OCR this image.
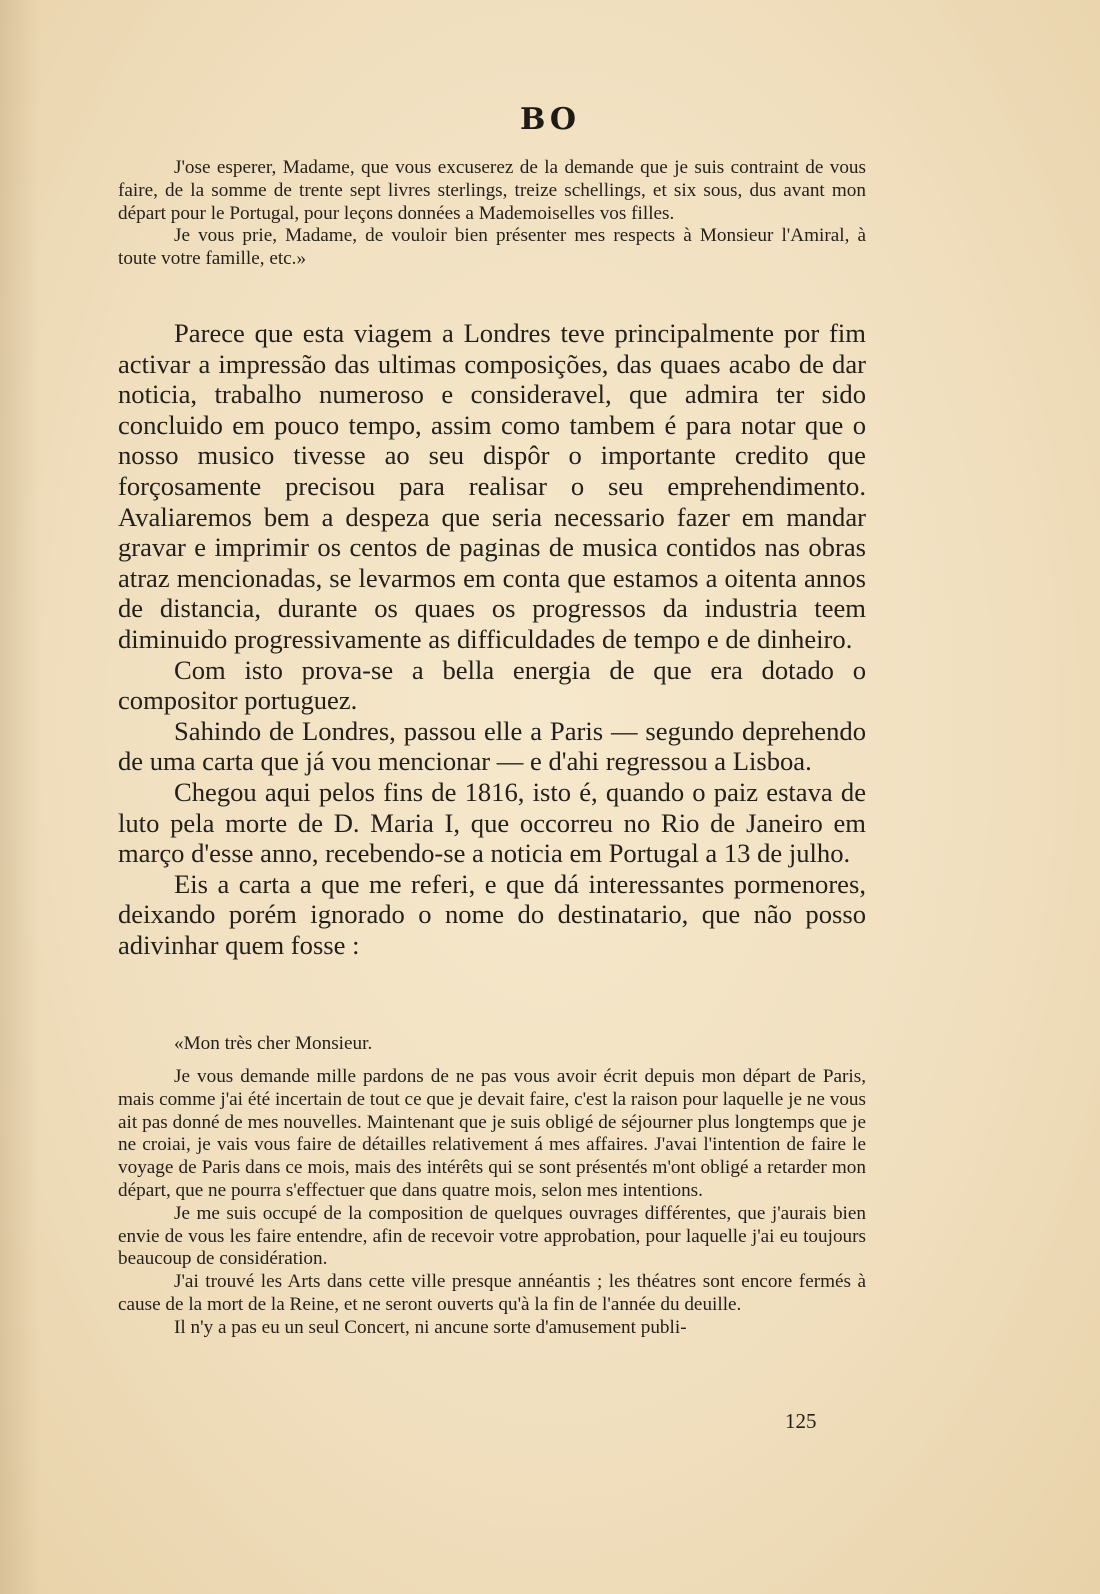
BO

J'ose esperer, Madame, que vous excuserez de la demande que je suis contraint de vous faire, de la somme de trente sept livres sterlings, treize schellings, et six sous, dus avant mon départ pour le Portugal, pour leçons données a Mademoiselles vos filles.

Je vous prie, Madame, de vouloir bien présenter mes respects à Monsieur l'Amiral, à toute votre famille, etc.»

Parece que esta viagem a Londres teve principalmente por fim activar a impressão das ultimas composições, das quaes acabo de dar noticia, trabalho numeroso e consideravel, que admira ter sido concluido em pouco tempo, assim como tambem é para notar que o nosso musico tivesse ao seu dispôr o importante credito que forçosamente precisou para realisar o seu emprehendimento. Avaliaremos bem a despeza que seria necessario fazer em mandar gravar e imprimir os centos de paginas de musica contidos nas obras atraz mencionadas, se levarmos em conta que estamos a oitenta annos de distancia, durante os quaes os progressos da industria teem diminuido progressivamente as difficuldades de tempo e de dinheiro.

Com isto prova-se a bella energia de que era dotado o compositor portuguez.

Sahindo de Londres, passou elle a Paris — segundo deprehendo de uma carta que já vou mencionar — e d'ahi regressou a Lisboa.

Chegou aqui pelos fins de 1816, isto é, quando o paiz estava de luto pela morte de D. Maria I, que occorreu no Rio de Janeiro em março d'esse anno, recebendo-se a noticia em Portugal a 13 de julho.

Eis a carta a que me referi, e que dá interessantes pormenores, deixando porém ignorado o nome do destinatario, que não posso adivinhar quem fosse :

«Mon très cher Monsieur.

Je vous demande mille pardons de ne pas vous avoir écrit depuis mon départ de Paris, mais comme j'ai été incertain de tout ce que je devait faire, c'est la raison pour laquelle je ne vous ait pas donné de mes nouvelles. Maintenant que je suis obligé de séjourner plus longtemps que je ne croiai, je vais vous faire de détailles relativement á mes affaires. J'avai l'intention de faire le voyage de Paris dans ce mois, mais des intérêts qui se sont présentés m'ont obligé a retarder mon départ, que ne pourra s'effectuer que dans quatre mois, selon mes intentions.

Je me suis occupé de la composition de quelques ouvrages différentes, que j'aurais bien envie de vous les faire entendre, afin de recevoir votre approbation, pour laquelle j'ai eu toujours beaucoup de considération.

J'ai trouvé les Arts dans cette ville presque annéantis ; les théatres sont encore fermés à cause de la mort de la Reine, et ne seront ouverts qu'à la fin de l'année du deuille.

Il n'y a pas eu un seul Concert, ni ancune sorte d'amusement publi-

125
